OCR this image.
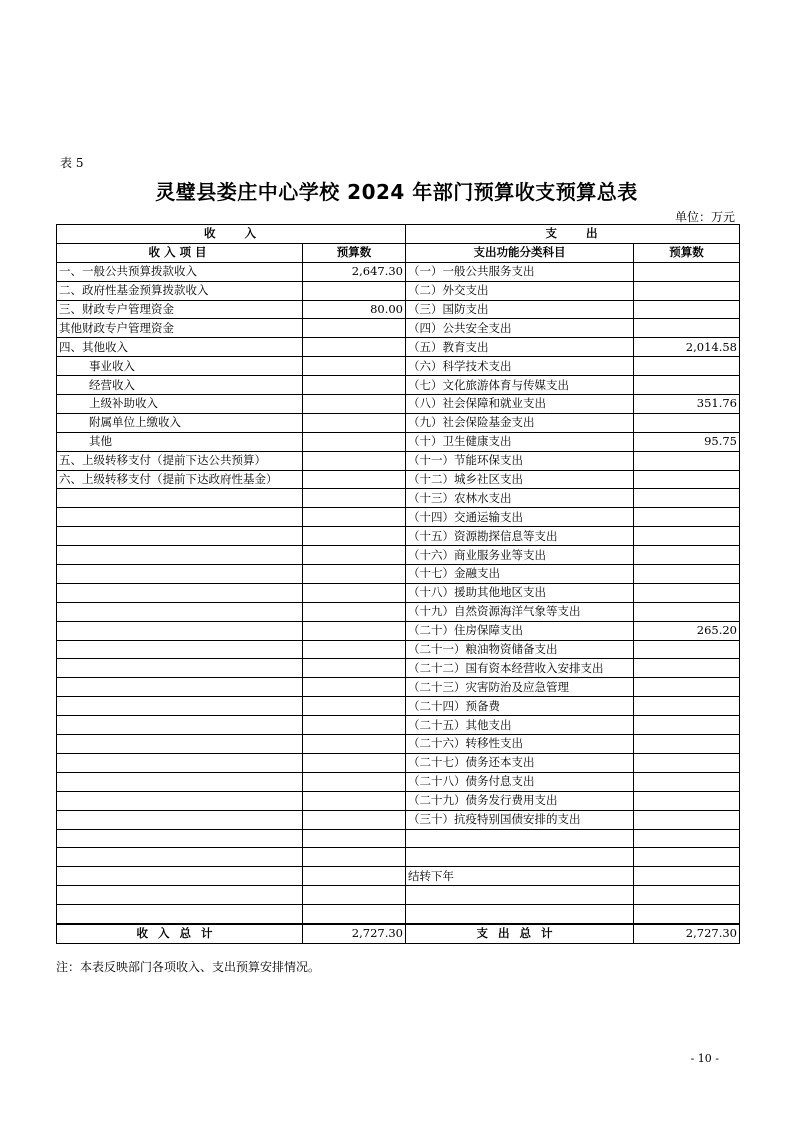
表 5
灵璧县娄庄中心学校 2024 年部门预算收支预算总表
单位：万元
收　　入		支　　出	
收入项目	预算数	支出功能分类科目	预算数
一、一般公共预算拨款收入	2,647.30	（一）一般公共服务支出	
二、政府性基金预算拨款收入		（二）外交支出	
三、财政专户管理资金	80.00	（三）国防支出	
其他财政专户管理资金		（四）公共安全支出	
四、其他收入		（五）教育支出	2,014.58
事业收入		（六）科学技术支出	
经营收入		（七）文化旅游体育与传媒支出	
上级补助收入		（八）社会保障和就业支出	351.76
附属单位上缴收入		（九）社会保险基金支出	
其他		（十）卫生健康支出	95.75
五、上级转移支付（提前下达公共预算）		（十一）节能环保支出	
六、上级转移支付（提前下达政府性基金）		（十二）城乡社区支出	
		（十三）农林水支出	
		（十四）交通运输支出	
		（十五）资源勘探信息等支出	
		（十六）商业服务业等支出	
		（十七）金融支出	
		（十八）援助其他地区支出	
		（十九）自然资源海洋气象等支出	
		（二十）住房保障支出	265.20
		（二十一）粮油物资储备支出	
		（二十二）国有资本经营收入安排支出	
		（二十三）灾害防治及应急管理	
		（二十四）预备费	
		（二十五）其他支出	
		（二十六）转移性支出	
		（二十七）债务还本支出	
		（二十八）债务付息支出	
		（二十九）债务发行费用支出	
		（三十）抗疫特别国债安排的支出	

		结转下年	

收入总计	2,727.30	支出总计	2,727.30
注：本表反映部门各项收入、支出预算安排情况。
- 10 -
